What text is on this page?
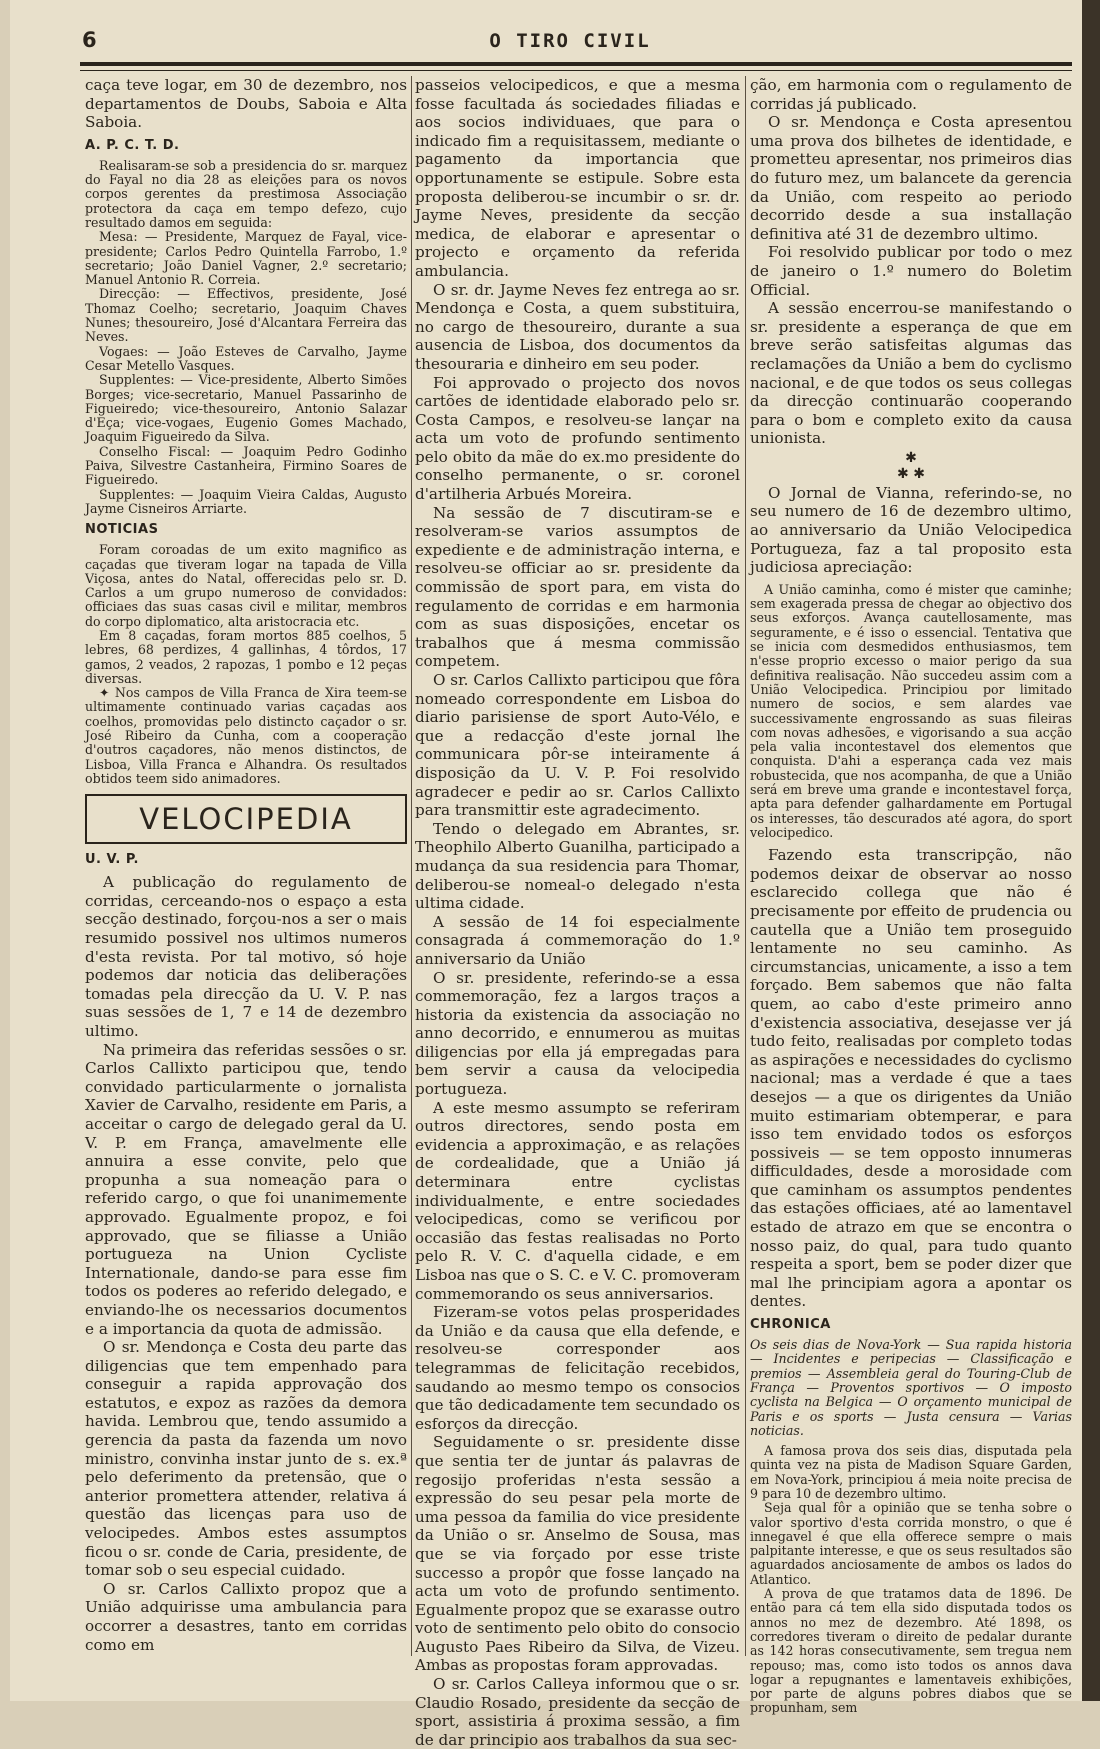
6	O TIRO CIVIL

caça teve logar, em 30 de dezembro, nos departamentos de Doubs, Saboia e Alta Saboia.

A. P. C. T. D.

Realisaram-se sob a presidencia do sr. marquez do Fayal no dia 28 as eleições para os novos corpos gerentes da prestimosa Associação protectora da caça em tempo defezo, cujo resultado damos em seguida:

Mesa: — Presidente, Marquez de Fayal, vice-presidente; Carlos Pedro Quintella Farrobo, 1.º secretario; João Daniel Vagner, 2.º secretario; Manuel Antonio R. Correia.

Direcção: — Effectivos, presidente, José Thomaz Coelho; secretario, Joaquim Chaves Nunes; thesoureiro, José d'Alcantara Ferreira das Neves.

Vogaes: — João Esteves de Carvalho, Jayme Cesar Metello Vasques.

Supplentes: — Vice-presidente, Alberto Simões Borges; vice-secretario, Manuel Passarinho de Figueiredo; vice-thesoureiro, Antonio Salazar d'Eça; vice-vogaes, Eugenio Gomes Machado, Joaquim Figueiredo da Silva.

Conselho Fiscal: — Joaquim Pedro Godinho Paiva, Silvestre Castanheira, Firmino Soares de Figueiredo.

Supplentes: — Joaquim Vieira Caldas, Augusto Jayme Cisneiros Arriarte.

NOTICIAS

Foram coroadas de um exito magnifico as caçadas que tiveram logar na tapada de Villa Viçosa, antes do Natal, offerecidas pelo sr. D. Carlos a um grupo numeroso de convidados: officiaes das suas casas civil e militar, membros do corpo diplomatico, alta aristocracia etc.

Em 8 caçadas, foram mortos 885 coelhos, 5 lebres, 68 perdizes, 4 gallinhas, 4 tôrdos, 17 gamos, 2 veados, 2 rapozas, 1 pombo e 12 peças diversas.

✦ Nos campos de Villa Franca de Xira teem-se ultimamente continuado varias caçadas aos coelhos, promovidas pelo distincto caçador o sr. José Ribeiro da Cunha, com a cooperação d'outros caçadores, não menos distinctos, de Lisboa, Villa Franca e Alhandra. Os resultados obtidos teem sido animadores.

VELOCIPEDIA
U. V. P.

A publicação do regulamento de corridas, cerceando-nos o espaço a esta secção destinado, forçou-nos a ser o mais resumido possivel nos ultimos numeros d'esta revista. Por tal motivo, só hoje podemos dar noticia das deliberações tomadas pela direcção da U. V. P. nas suas sessões de 1, 7 e 14 de dezembro ultimo.

Na primeira das referidas sessões o sr. Carlos Callixto participou que, tendo convidado particularmente o jornalista Xavier de Carvalho, residente em Paris, a acceitar o cargo de delegado geral da U. V. P. em França, amavelmente elle annuira a esse convite, pelo que propunha a sua nomeação para o referido cargo, o que foi unanimemente approvado. Egualmente propoz, e foi approvado, que se filiasse a União portugueza na Union Cycliste Internationale, dando-se para esse fim todos os poderes ao referido delegado, e enviando-lhe os necessarios documentos e a importancia da quota de admissão.

O sr. Mendonça e Costa deu parte das diligencias que tem empenhado para conseguir a rapida approvação dos estatutos, e expoz as razões da demora havida. Lembrou que, tendo assumido a gerencia da pasta da fazenda um novo ministro, convinha instar junto de s. ex.ª pelo deferimento da pretensão, que o anterior promettera attender, relativa á questão das licenças para uso de velocipedes. Ambos estes assumptos ficou o sr. conde de Caria, presidente, de tomar sob o seu especial cuidado.

O sr. Carlos Callixto propoz que a União adquirisse uma ambulancia para occorrer a desastres, tanto em corridas como em

passeios velocipedicos, e que a mesma fosse facultada ás sociedades filiadas e aos socios individuaes, que para o indicado fim a requisitassem, mediante o pagamento da importancia que opportunamente se estipule. Sobre esta proposta deliberou-se incumbir o sr. dr. Jayme Neves, presidente da secção medica, de elaborar e apresentar o projecto e orçamento da referida ambulancia.

O sr. dr. Jayme Neves fez entrega ao sr. Mendonça e Costa, a quem substituira, no cargo de thesoureiro, durante a sua ausencia de Lisboa, dos documentos da thesouraria e dinheiro em seu poder.

Foi approvado o projecto dos novos cartões de identidade elaborado pelo sr. Costa Campos, e resolveu-se lançar na acta um voto de profundo sentimento pelo obito da mãe do ex.mo presidente do conselho permanente, o sr. coronel d'artilheria Arbués Moreira.

Na sessão de 7 discutiram-se e resolveram-se varios assumptos de expediente e de administração interna, e resolveu-se officiar ao sr. presidente da commissão de sport para, em vista do regulamento de corridas e em harmonia com as suas disposições, encetar os trabalhos que á mesma commissão competem.

O sr. Carlos Callixto participou que fôra nomeado correspondente em Lisboa do diario parisiense de sport Auto-Vélo, e que a redacção d'este jornal lhe communicara pôr-se inteiramente á disposição da U. V. P. Foi resolvido agradecer e pedir ao sr. Carlos Callixto para transmittir este agradecimento.

Tendo o delegado em Abrantes, sr. Theophilo Alberto Guanilha, participado a mudança da sua residencia para Thomar, deliberou-se nomeal-o delegado n'esta ultima cidade.

A sessão de 14 foi especialmente consagrada á commemoração do 1.º anniversario da União

O sr. presidente, referindo-se a essa commemoração, fez a largos traços a historia da existencia da associação no anno decorrido, e ennumerou as muitas diligencias por ella já empregadas para bem servir a causa da velocipedia portugueza.

A este mesmo assumpto se referiram outros directores, sendo posta em evidencia a approximação, e as relações de cordealidade, que a União já determinara entre cyclistas individualmente, e entre sociedades velocipedicas, como se verificou por occasião das festas realisadas no Porto pelo R. V. C. d'aquella cidade, e em Lisboa nas que o S. C. e V. C. promoveram commemorando os seus anniversarios.

Fizeram-se votos pelas prosperidades da União e da causa que ella defende, e resolveu-se corresponder aos telegrammas de felicitação recebidos, saudando ao mesmo tempo os consocios que tão dedicadamente tem secundado os esforços da direcção.

Seguidamente o sr. presidente disse que sentia ter de juntar ás palavras de regosijo proferidas n'esta sessão a expressão do seu pesar pela morte de uma pessoa da familia do vice presidente da União o sr. Anselmo de Sousa, mas que se via forçado por esse triste successo a propôr que fosse lançado na acta um voto de profundo sentimento. Egualmente propoz que se exarasse outro voto de sentimento pelo obito do consocio Augusto Paes Ribeiro da Silva, de Vizeu. Ambas as propostas foram approvadas.

O sr. Carlos Calleya informou que o sr. Claudio Rosado, presidente da secção de sport, assistiria á proxima sessão, a fim de dar principio aos trabalhos da sua sec-

ção, em harmonia com o regulamento de corridas já publicado.

O sr. Mendonça e Costa apresentou uma prova dos bilhetes de identidade, e prometteu apresentar, nos primeiros dias do futuro mez, um balancete da gerencia da União, com respeito ao periodo decorrido desde a sua installação definitiva até 31 de dezembro ultimo.

Foi resolvido publicar por todo o mez de janeiro o 1.º numero do Boletim Official.

A sessão encerrou-se manifestando o sr. presidente a esperança de que em breve serão satisfeitas algumas das reclamações da União a bem do cyclismo nacional, e de que todos os seus collegas da direcção continuarão cooperando para o bom e completo exito da causa unionista.

✱
✱ ✱

O Jornal de Vianna, referindo-se, no seu numero de 16 de dezembro ultimo, ao anniversario da União Velocipedica Portugueza, faz a tal proposito esta judiciosa apreciação:

A União caminha, como é mister que caminhe; sem exagerada pressa de chegar ao objectivo dos seus exforços. Avança cautellosamente, mas seguramente, e é isso o essencial. Tentativa que se inicia com desmedidos enthusiasmos, tem n'esse proprio excesso o maior perigo da sua definitiva realisação. Não succedeu assim com a União Velocipedica. Principiou por limitado numero de socios, e sem alardes vae successivamente engrossando as suas fileiras com novas adhesões, e vigorisando a sua acção pela valia incontestavel dos elementos que conquista. D'ahi a esperança cada vez mais robustecida, que nos acompanha, de que a União será em breve uma grande e incontestavel força, apta para defender galhardamente em Portugal os interesses, tão descurados até agora, do sport velocipedico.

Fazendo esta transcripção, não podemos deixar de observar ao nosso esclarecido collega que não é precisamente por effeito de prudencia ou cautella que a União tem proseguido lentamente no seu caminho. As circumstancias, unicamente, a isso a tem forçado. Bem sabemos que não falta quem, ao cabo d'este primeiro anno d'existencia associativa, desejasse ver já tudo feito, realisadas por completo todas as aspirações e necessidades do cyclismo nacional; mas a verdade é que a taes desejos — a que os dirigentes da União muito estimariam obtemperar, e para isso tem envidado todos os esforços possiveis — se tem opposto innumeras difficuldades, desde a morosidade com que caminham os assumptos pendentes das estações officiaes, até ao lamentavel estado de atrazo em que se encontra o nosso paiz, do qual, para tudo quanto respeita a sport, bem se poder dizer que mal lhe principiam agora a apontar os dentes.

CHRONICA
Os seis dias de Nova-York — Sua rapida historia — Incidentes e peripecias — Classificação e premios — Assembleia geral do Touring-Club de França — Proventos sportivos — O imposto cyclista na Belgica — O orçamento municipal de Paris e os sports — Justa censura — Varias noticias.

A famosa prova dos seis dias, disputada pela quinta vez na pista de Madison Square Garden, em Nova-York, principiou á meia noite precisa de 9 para 10 de dezembro ultimo.

Seja qual fôr a opinião que se tenha sobre o valor sportivo d'esta corrida monstro, o que é innegavel é que ella offerece sempre o mais palpitante interesse, e que os seus resultados são aguardados anciosamente de ambos os lados do Atlantico.

A prova de que tratamos data de 1896. De então para cá tem ella sido disputada todos os annos no mez de dezembro. Até 1898, os corredores tiveram o direito de pedalar durante as 142 horas consecutivamente, sem tregua nem repouso; mas, como isto todos os annos dava logar a repugnantes e lamentaveis exhibições, por parte de alguns pobres diabos que se propunham, sem
